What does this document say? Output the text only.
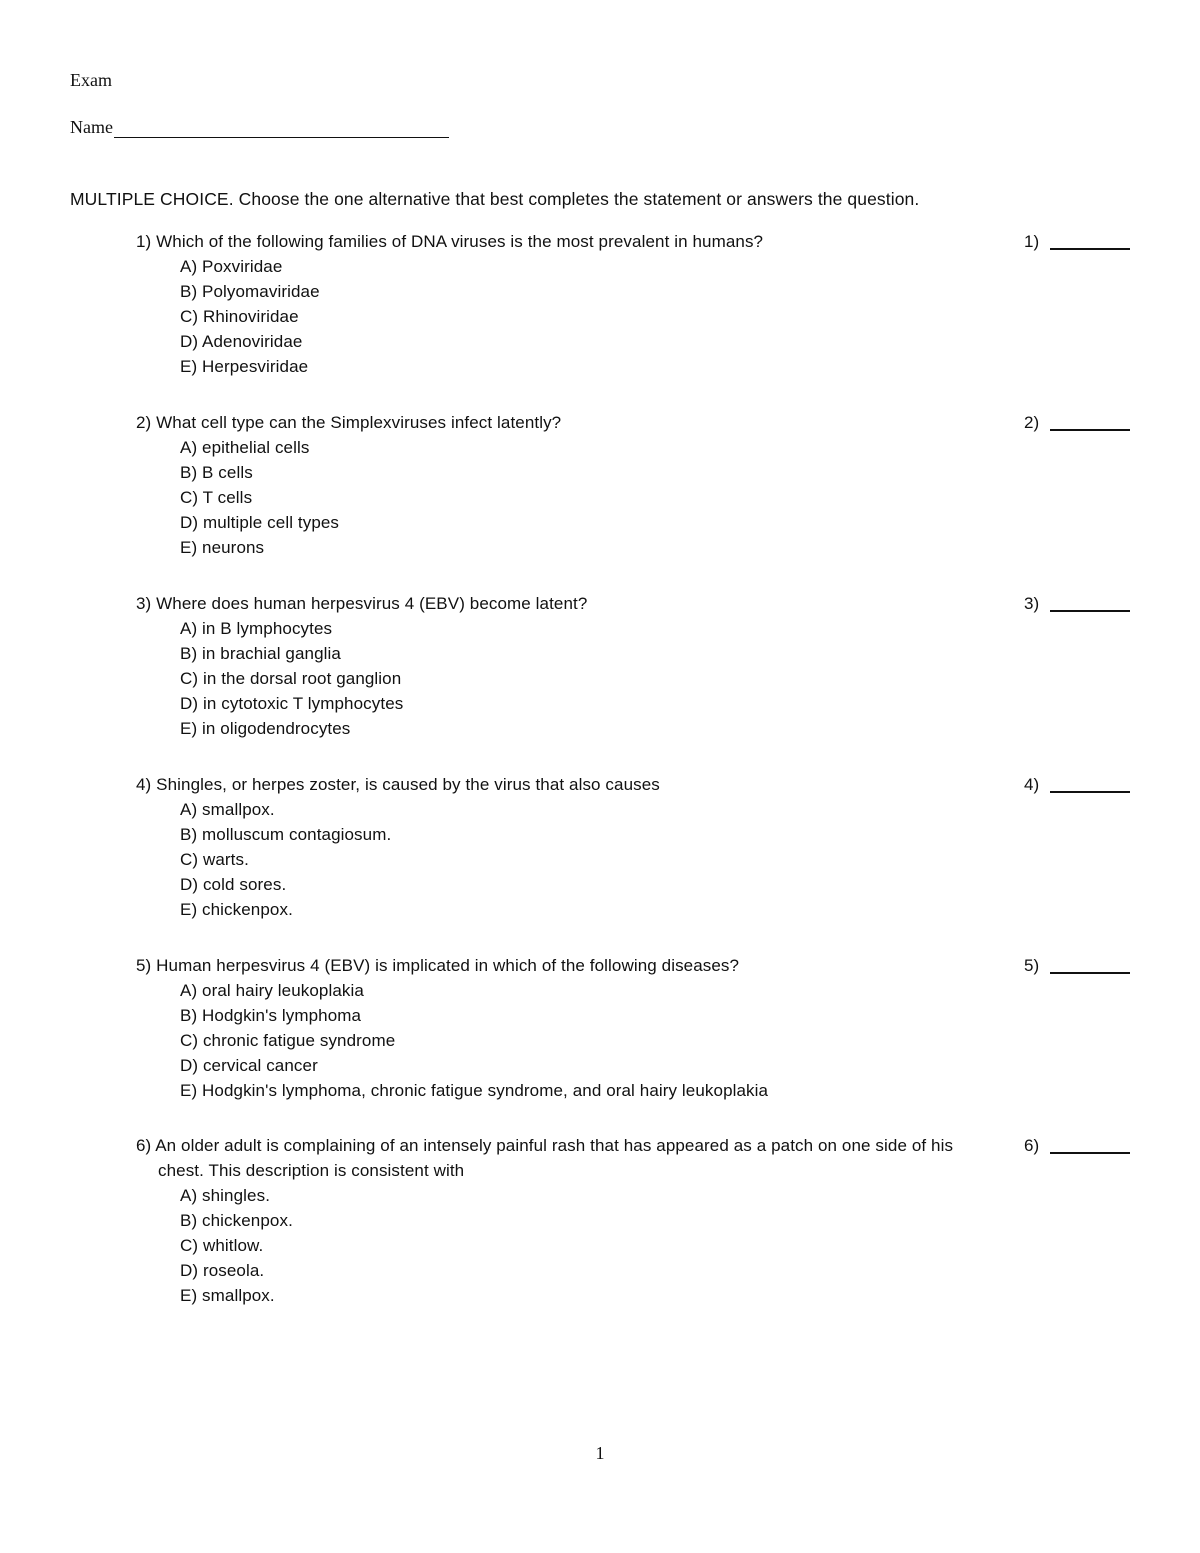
Exam
Name
MULTIPLE CHOICE. Choose the one alternative that best completes the statement or answers the question.
1) Which of the following families of DNA viruses is the most prevalent in humans?
A) Poxviridae
B) Polyomaviridae
C) Rhinoviridae
D) Adenoviridae
E) Herpesviridae
1)
2) What cell type can the Simplexviruses infect latently?
A) epithelial cells
B) B cells
C) T cells
D) multiple cell types
E) neurons
2)
3) Where does human herpesvirus 4 (EBV) become latent?
A) in B lymphocytes
B) in brachial ganglia
C) in the dorsal root ganglion
D) in cytotoxic T lymphocytes
E) in oligodendrocytes
3)
4) Shingles, or herpes zoster, is caused by the virus that also causes
A) smallpox.
B) molluscum contagiosum.
C) warts.
D) cold sores.
E) chickenpox.
4)
5) Human herpesvirus 4 (EBV) is implicated in which of the following diseases?
A) oral hairy leukoplakia
B) Hodgkin's lymphoma
C) chronic fatigue syndrome
D) cervical cancer
E) Hodgkin's lymphoma, chronic fatigue syndrome, and oral hairy leukoplakia
5)
6) An older adult is complaining of an intensely painful rash that has appeared as a patch on one side of his chest. This description is consistent with
A) shingles.
B) chickenpox.
C) whitlow.
D) roseola.
E) smallpox.
6)
1
